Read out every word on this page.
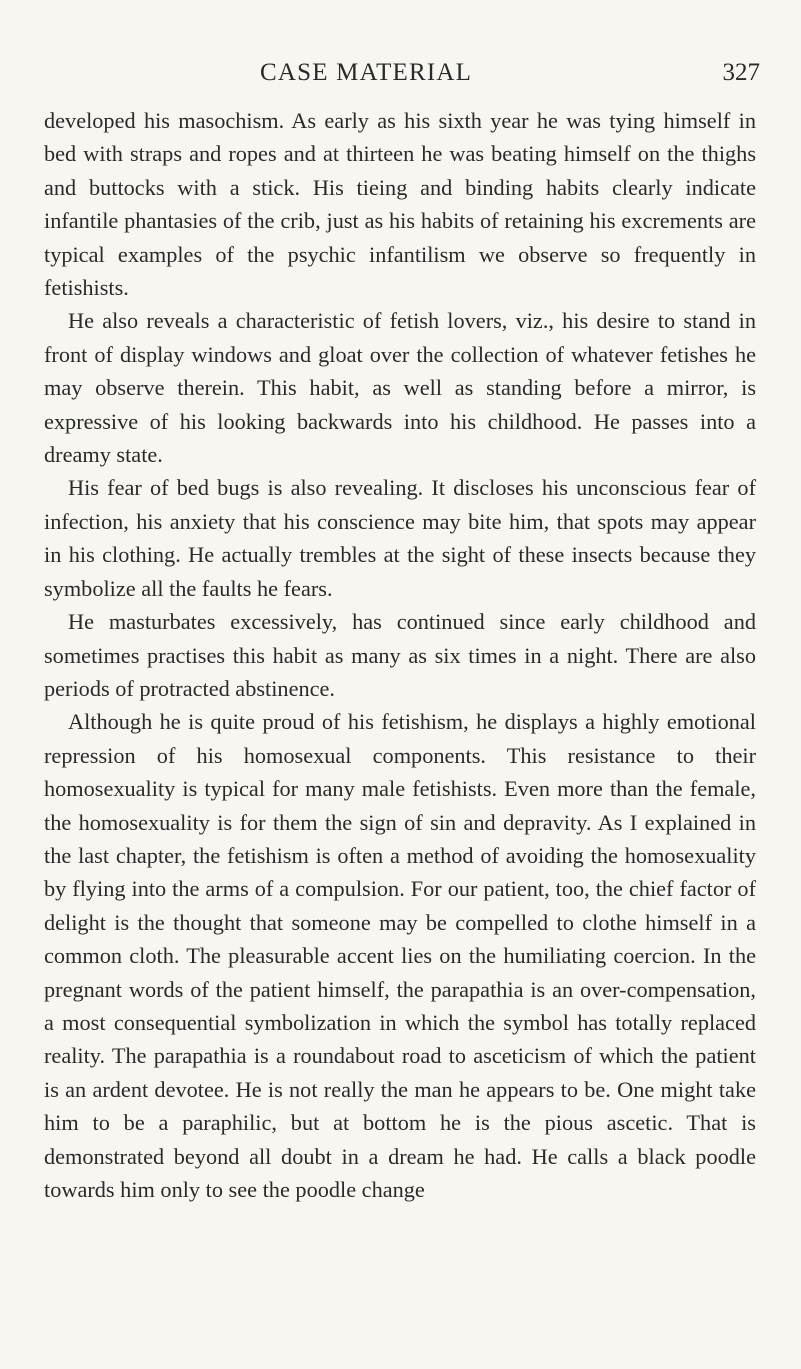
CASE MATERIAL	327

developed his masochism. As early as his sixth year he was tying himself in bed with straps and ropes and at thirteen he was beating himself on the thighs and buttocks with a stick. His tieing and binding habits clearly indicate infantile phantasies of the crib, just as his habits of retaining his excrements are typical examples of the psychic infantilism we observe so frequently in fetishists.

He also reveals a characteristic of fetish lovers, viz., his desire to stand in front of display windows and gloat over the collection of whatever fetishes he may observe therein. This habit, as well as standing before a mirror, is expressive of his looking backwards into his childhood. He passes into a dreamy state.

His fear of bed bugs is also revealing. It discloses his unconscious fear of infection, his anxiety that his conscience may bite him, that spots may appear in his clothing. He actually trembles at the sight of these insects because they symbolize all the faults he fears.

He masturbates excessively, has continued since early childhood and sometimes practises this habit as many as six times in a night. There are also periods of protracted abstinence.

Although he is quite proud of his fetishism, he displays a highly emotional repression of his homosexual components. This resistance to their homosexuality is typical for many male fetishists. Even more than the female, the homosexuality is for them the sign of sin and depravity. As I explained in the last chapter, the fetishism is often a method of avoiding the homosexuality by flying into the arms of a compulsion. For our patient, too, the chief factor of delight is the thought that someone may be compelled to clothe himself in a common cloth. The pleasurable accent lies on the humiliating coercion. In the pregnant words of the patient himself, the parapathia is an over-compensation, a most consequential symbolization in which the symbol has totally replaced reality. The parapathia is a roundabout road to asceticism of which the patient is an ardent devotee. He is not really the man he appears to be. One might take him to be a paraphilic, but at bottom he is the pious ascetic. That is demonstrated beyond all doubt in a dream he had. He calls a black poodle towards him only to see the poodle change
